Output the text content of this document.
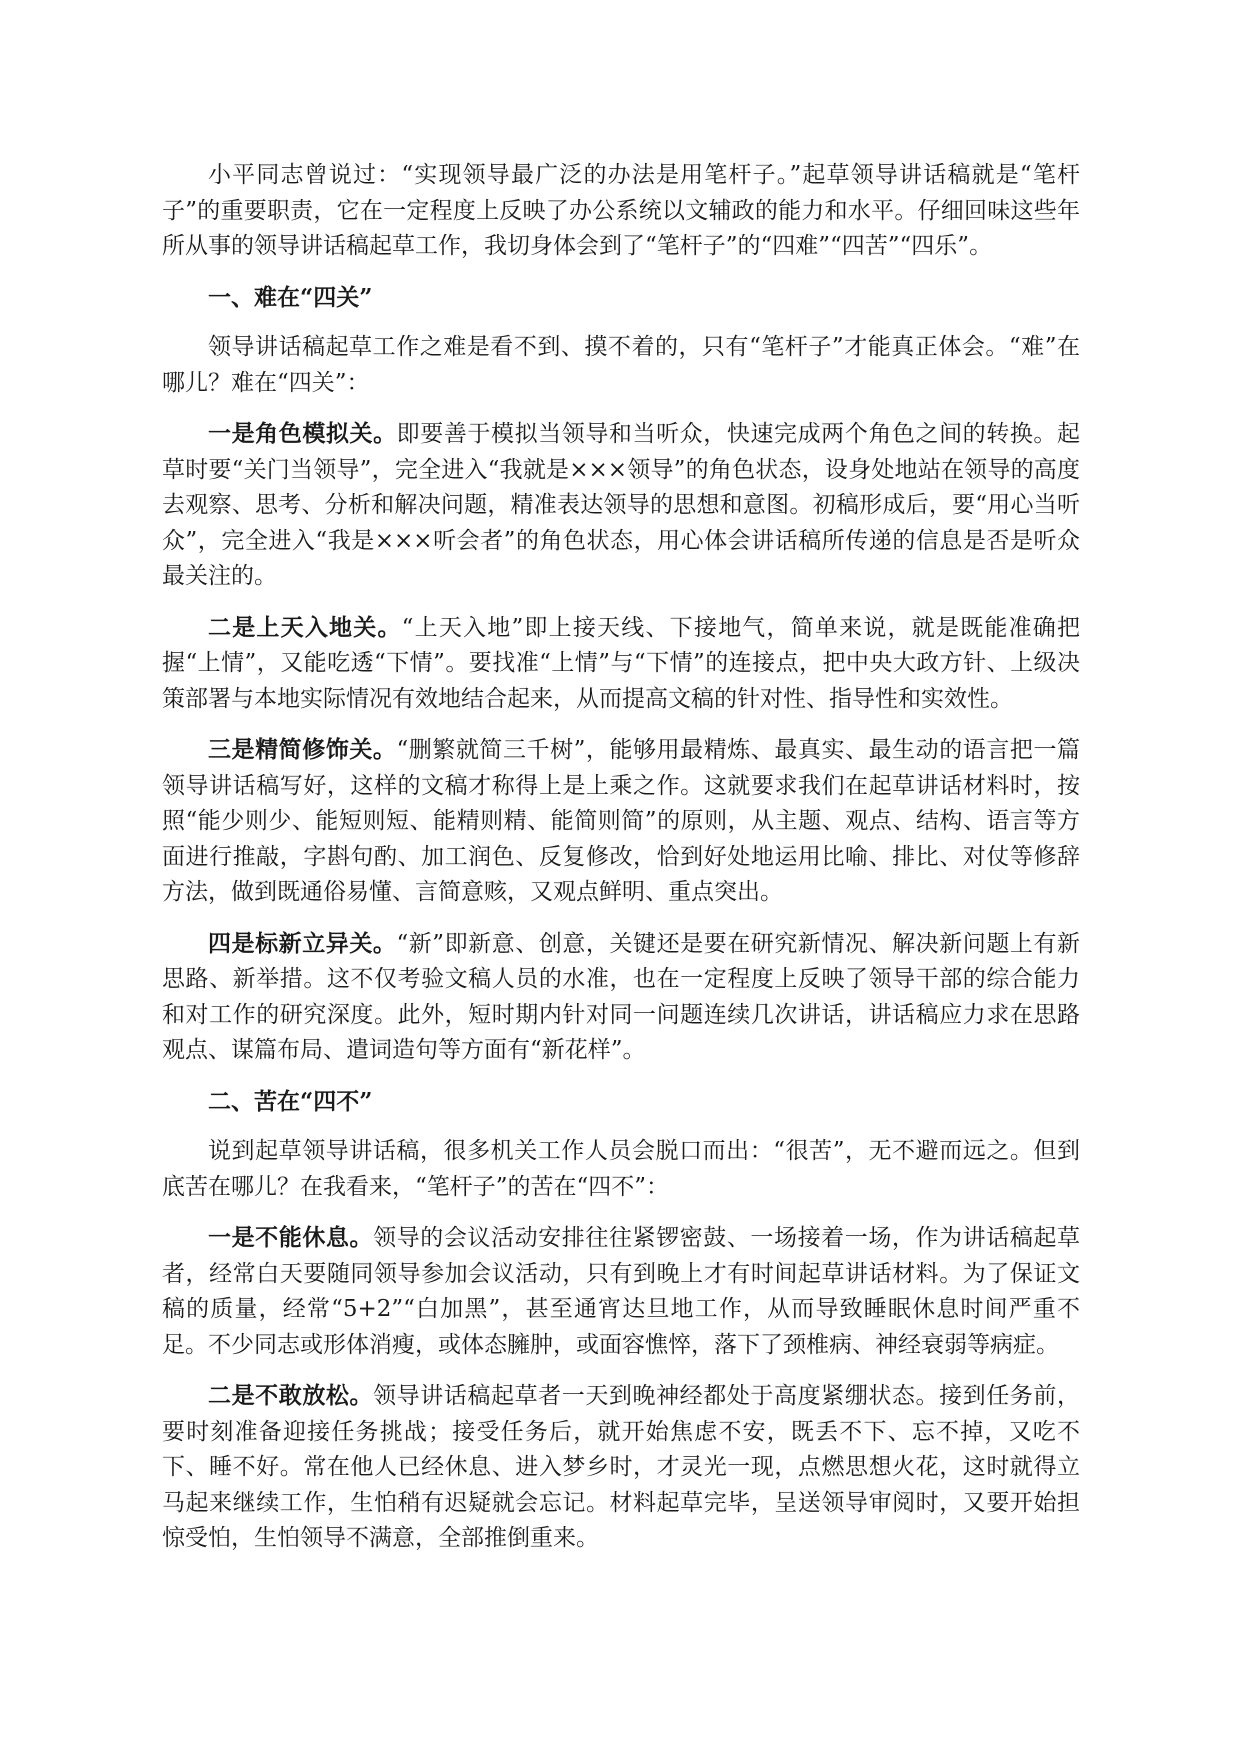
小平同志曾说过：“实现领导最广泛的办法是用笔杆子。”起草领导讲话稿就是“笔杆子”的重要职责，它在一定程度上反映了办公系统以文辅政的能力和水平。仔细回味这些年所从事的领导讲话稿起草工作，我切身体会到了“笔杆子”的“四难”“四苦”“四乐”。

一、难在“四关”

领导讲话稿起草工作之难是看不到、摸不着的，只有“笔杆子”才能真正体会。“难”在哪儿？难在“四关”：

一是角色模拟关。即要善于模拟当领导和当听众，快速完成两个角色之间的转换。起草时要“关门当领导”，完全进入“我就是×××领导”的角色状态，设身处地站在领导的高度去观察、思考、分析和解决问题，精准表达领导的思想和意图。初稿形成后，要“用心当听众”，完全进入“我是×××听会者”的角色状态，用心体会讲话稿所传递的信息是否是听众最关注的。

二是上天入地关。“上天入地”即上接天线、下接地气，简单来说，就是既能准确把握“上情”，又能吃透“下情”。要找准“上情”与“下情”的连接点，把中央大政方针、上级决策部署与本地实际情况有效地结合起来，从而提高文稿的针对性、指导性和实效性。

三是精简修饰关。“删繁就简三千树”，能够用最精炼、最真实、最生动的语言把一篇领导讲话稿写好，这样的文稿才称得上是上乘之作。这就要求我们在起草讲话材料时，按照“能少则少、能短则短、能精则精、能简则简”的原则，从主题、观点、结构、语言等方面进行推敲，字斟句酌、加工润色、反复修改，恰到好处地运用比喻、排比、对仗等修辞方法，做到既通俗易懂、言简意赅，又观点鲜明、重点突出。

四是标新立异关。“新”即新意、创意，关键还是要在研究新情况、解决新问题上有新思路、新举措。这不仅考验文稿人员的水准，也在一定程度上反映了领导干部的综合能力和对工作的研究深度。此外，短时期内针对同一问题连续几次讲话，讲话稿应力求在思路观点、谋篇布局、遣词造句等方面有“新花样”。

二、苦在“四不”

说到起草领导讲话稿，很多机关工作人员会脱口而出：“很苦”，无不避而远之。但到底苦在哪儿？在我看来，“笔杆子”的苦在“四不”：

一是不能休息。领导的会议活动安排往往紧锣密鼓、一场接着一场，作为讲话稿起草者，经常白天要随同领导参加会议活动，只有到晚上才有时间起草讲话材料。为了保证文稿的质量，经常“5+2”“白加黑”，甚至通宵达旦地工作，从而导致睡眠休息时间严重不足。不少同志或形体消瘦，或体态臃肿，或面容憔悴，落下了颈椎病、神经衰弱等病症。

二是不敢放松。领导讲话稿起草者一天到晚神经都处于高度紧绷状态。接到任务前，要时刻准备迎接任务挑战；接受任务后，就开始焦虑不安，既丢不下、忘不掉，又吃不下、睡不好。常在他人已经休息、进入梦乡时，才灵光一现，点燃思想火花，这时就得立马起来继续工作，生怕稍有迟疑就会忘记。材料起草完毕，呈送领导审阅时，又要开始担惊受怕，生怕领导不满意，全部推倒重来。
